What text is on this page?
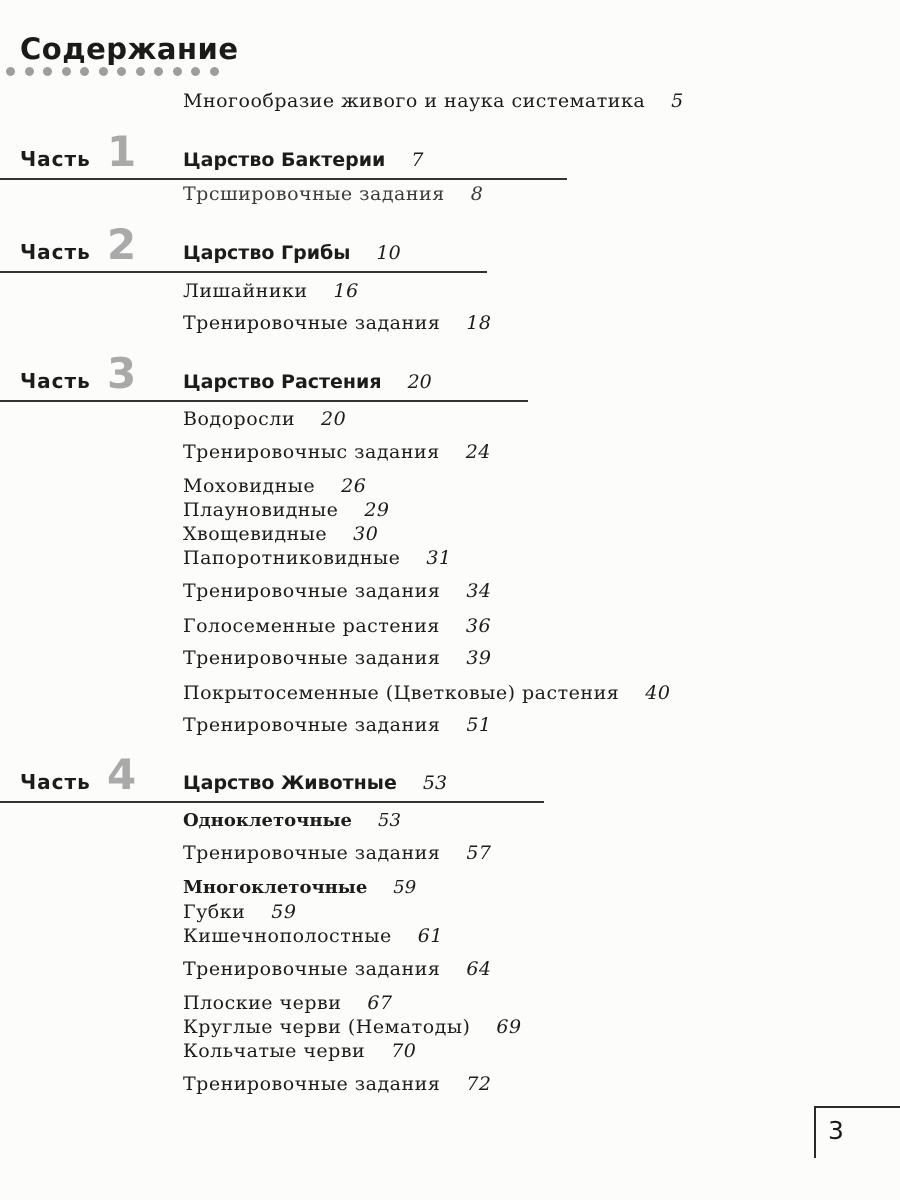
Содержание
Многообразие живого и наука систематика 5
Часть 1 Царство Бактерии 7
Трсшировочные задания 8
Часть 2 Царство Грибы 10
Лишайники 16
Тренировочные задания 18
Часть 3 Царство Растения 20
Водоросли 20
Тренировочныс задания 24
Моховидные 26
Плауновидные 29
Хвощевидные 30
Папоротниковидные 31
Тренировочные задания 34
Голосеменные растения 36
Тренировочные задания 39
Покрытосеменные (Цветковые) растения 40
Тренировочные задания 51
Часть 4 Царство Животные 53
Одноклеточные 53
Тренировочные задания 57
Многоклеточные 59
Губки 59
Кишечнополостные 61
Тренировочные задания 64
Плоские черви 67
Круглые черви (Нематоды) 69
Кольчатые черви 70
Тренировочные задания 72
3
